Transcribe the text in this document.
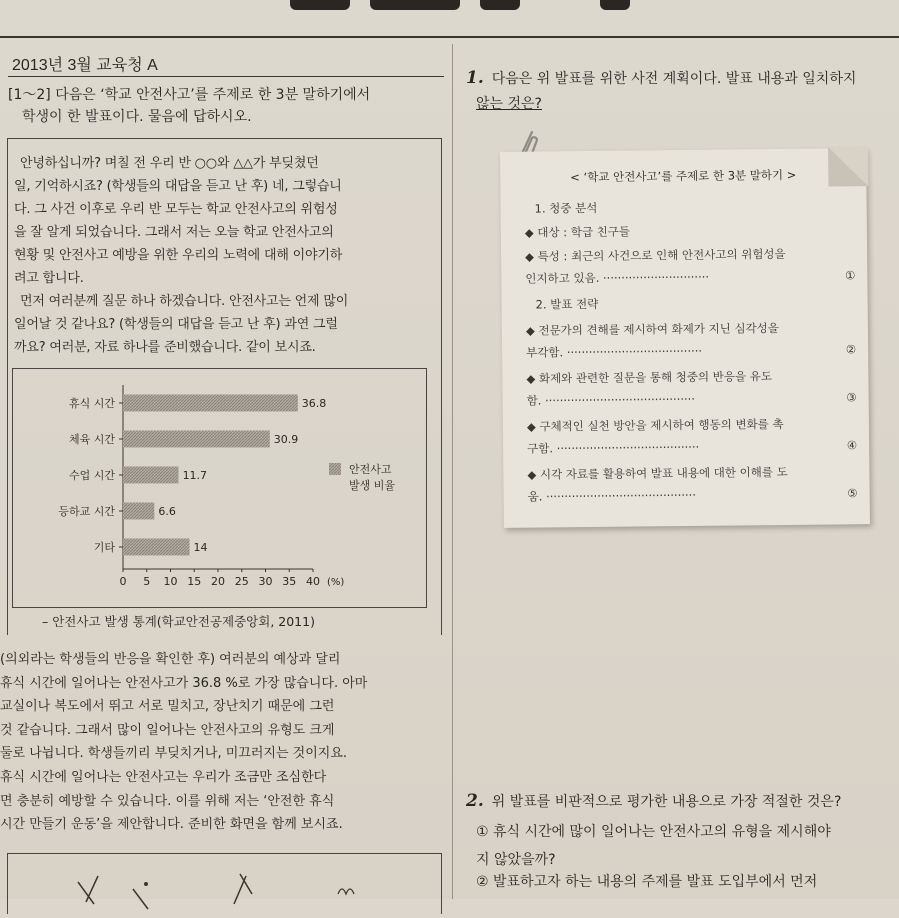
2013년 3월 교육청 A
[1～2] 다음은 ‘학교 안전사고’를 주제로 한 3분 말하기에서
학생이 한 발표이다. 물음에 답하시오.
안녕하십니까? 며칠 전 우리 반 ○○와 △△가 부딪쳤던
일, 기억하시죠? (학생들의 대답을 듣고 난 후) 네, 그렇습니
다. 그 사건 이후로 우리 반 모두는 학교 안전사고의 위험성
을 잘 알게 되었습니다. 그래서 저는 오늘 학교 안전사고의
현황 및 안전사고 예방을 위한 우리의 노력에 대해 이야기하
려고 합니다.
먼저 여러분께 질문 하나 하겠습니다. 안전사고는 언제 많이
일어날 것 같나요? (학생들의 대답을 듣고 난 후) 과연 그럴
까요? 여러분, 자료 하나를 준비했습니다. 같이 보시죠.
휴식 시간	36.8
체육 시간	30.9
수업 시간	11.7
등하교 시간	6.6
기타	14
0 5 10 15 20 25 30 35 40 (%)
안전사고
발생 비율
– 안전사고 발생 통계(학교안전공제중앙회, 2011)
(의외라는 학생들의 반응을 확인한 후) 여러분의 예상과 달리
휴식 시간에 일어나는 안전사고가 36.8 %로 가장 많습니다. 아마
교실이나 복도에서 뛰고 서로 밀치고, 장난치기 때문에 그런
것 같습니다. 그래서 많이 일어나는 안전사고의 유형도 크게
둘로 나뉩니다. 학생들끼리 부딪치거나, 미끄러지는 것이지요.
휴식 시간에 일어나는 안전사고는 우리가 조금만 조심한다
면 충분히 예방할 수 있습니다. 이를 위해 저는 ‘안전한 휴식
시간 만들기 운동’을 제안합니다. 준비한 화면을 함께 보시죠.
1. 다음은 위 발표를 위한 사전 계획이다. 발표 내용과 일치하지
않는 것은?
< ‘학교 안전사고’를 주제로 한 3분 말하기 >
1. 청중 분석
◆ 대상 : 학급 친구들
◆ 특성 : 최근의 사건으로 인해 안전사고의 위험성을
①
인지하고 있음. ·····························
2. 발표 전략
◆ 전문가의 견해를 제시하여 화제가 지닌 심각성을
②
부각함. ·····································
◆ 화제와 관련한 질문을 통해 청중의 반응을 유도
③
함. ·········································
◆ 구체적인 실천 방안을 제시하여 행동의 변화를 촉
④
구함. ·······································
◆ 시각 자료를 활용하여 발표 내용에 대한 이해를 도
⑤
움. ·········································
2. 위 발표를 비판적으로 평가한 내용으로 가장 적절한 것은?
① 휴식 시간에 많이 일어나는 안전사고의 유형을 제시해야
지 않았을까?
② 발표하고자 하는 내용의 주제를 발표 도입부에서 먼저
